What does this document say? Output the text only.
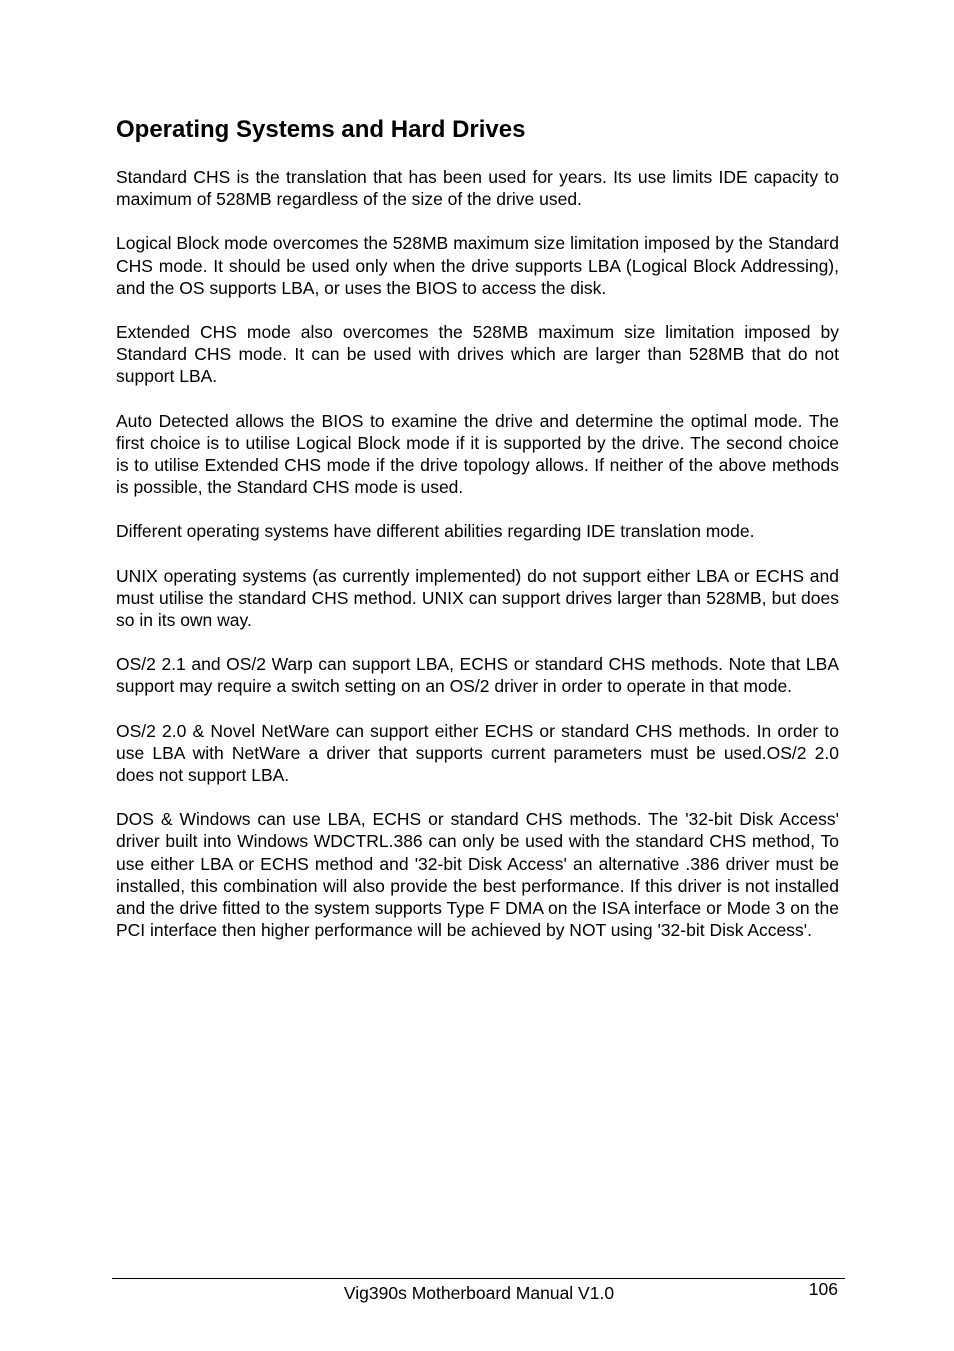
Operating Systems and Hard Drives

Standard CHS is the translation that has been used for years. Its use limits IDE capacity to maximum of 528MB regardless of the size of the drive used.

Logical Block mode overcomes the 528MB maximum size limitation imposed by the Standard CHS mode. It should be used only when the drive supports LBA (Logical Block Addressing), and the OS supports LBA, or uses the BIOS to access the disk.

Extended CHS mode also overcomes the 528MB maximum size limitation imposed by Standard CHS mode. It can be used with drives which are larger than 528MB that do not support LBA.

Auto Detected allows the BIOS to examine the drive and determine the optimal mode. The first choice is to utilise Logical Block mode if it is supported by the drive. The second choice is to utilise Extended CHS mode if the drive topology allows. If neither of the above methods is possible, the Standard CHS mode is used.

Different operating systems have different abilities regarding IDE translation mode.

UNIX operating systems (as currently implemented) do not support either LBA or ECHS and must utilise the standard CHS method. UNIX can support drives larger than 528MB, but does so in its own way.

OS/2 2.1 and OS/2 Warp can support LBA, ECHS or standard CHS methods. Note that LBA support may require a switch setting on an OS/2 driver in order to operate in that mode.

OS/2 2.0 & Novel NetWare can support either ECHS or standard CHS methods. In order to use LBA with NetWare a driver that supports current parameters must be used.OS/2 2.0 does not support LBA.

DOS & Windows can use LBA, ECHS or standard CHS methods. The '32-bit Disk Access' driver built into Windows WDCTRL.386 can only be used with the standard CHS method, To use either LBA or ECHS method and '32-bit Disk Access' an alternative .386 driver must be installed, this combination will also provide the best performance. If this driver is not installed and the drive fitted to the system supports Type F DMA on the ISA interface or Mode 3 on the PCI interface then higher performance will be achieved by NOT using '32-bit Disk Access'.

Vig390s Motherboard Manual V1.0	106
